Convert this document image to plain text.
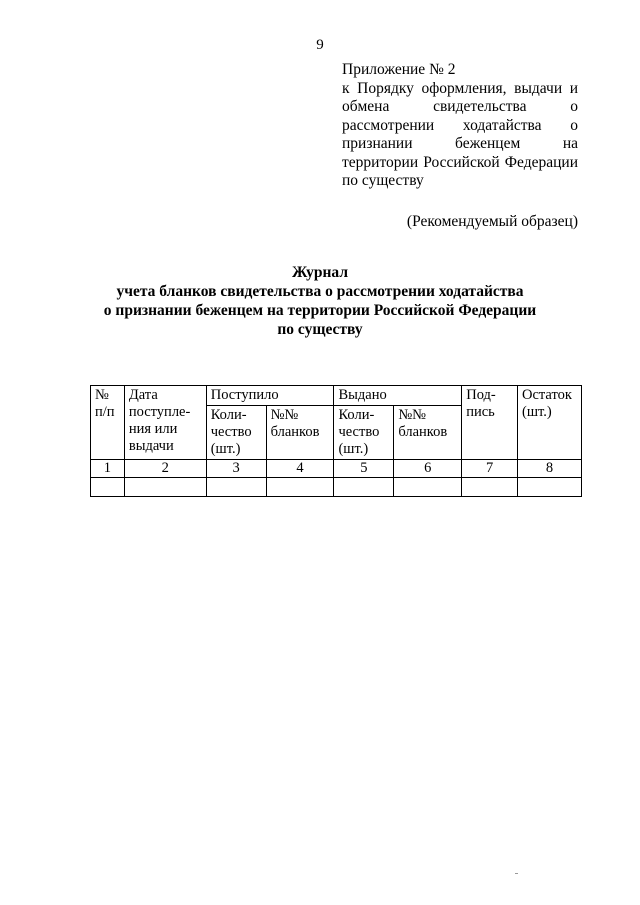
9
Приложение № 2
к Порядку оформления, выдачи и обмена свидетельства о рассмотрении ходатайства о признании беженцем на территории Российской Федерации по существу
(Рекомендуемый образец)
Журнал
учета бланков свидетельства о рассмотрении ходатайства
о признании беженцем на территории Российской Федерации
по существу
№ п/п	Дата поступле-ния или выдачи	Поступило		Выдано		Под-пись	Остаток (шт.)
		Коли-чество (шт.)	№№ бланков	Коли-чество (шт.)	№№ бланков		
1	2	3	4	5	6	7	8
